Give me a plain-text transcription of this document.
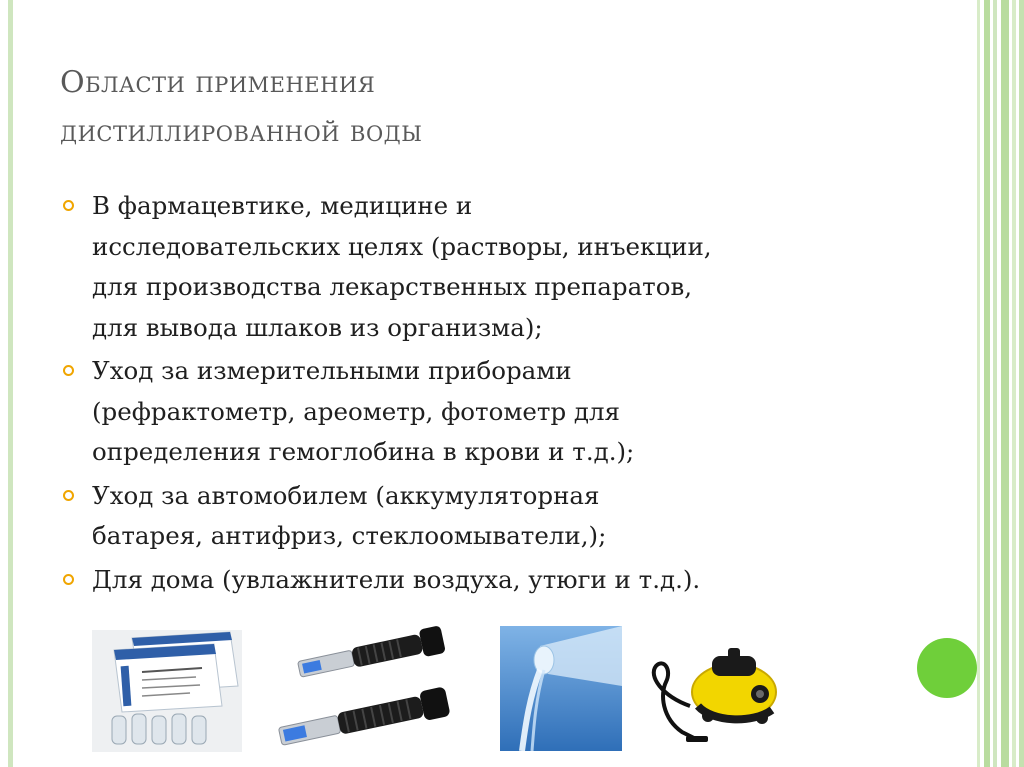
Области применения
дистиллированной воды
В фармацевтике, медицине и
исследовательских целях (растворы, инъекции,
для производства лекарственных препаратов,
для вывода шлаков из организма);
Уход за измерительными приборами
(рефрактометр, ареометр, фотометр для
определения гемоглобина в крови и т.д.);
Уход за автомобилем (аккумуляторная
батарея, антифриз, стеклоомыватели,);
Для дома (увлажнители воздуха, утюги и т.д.).
